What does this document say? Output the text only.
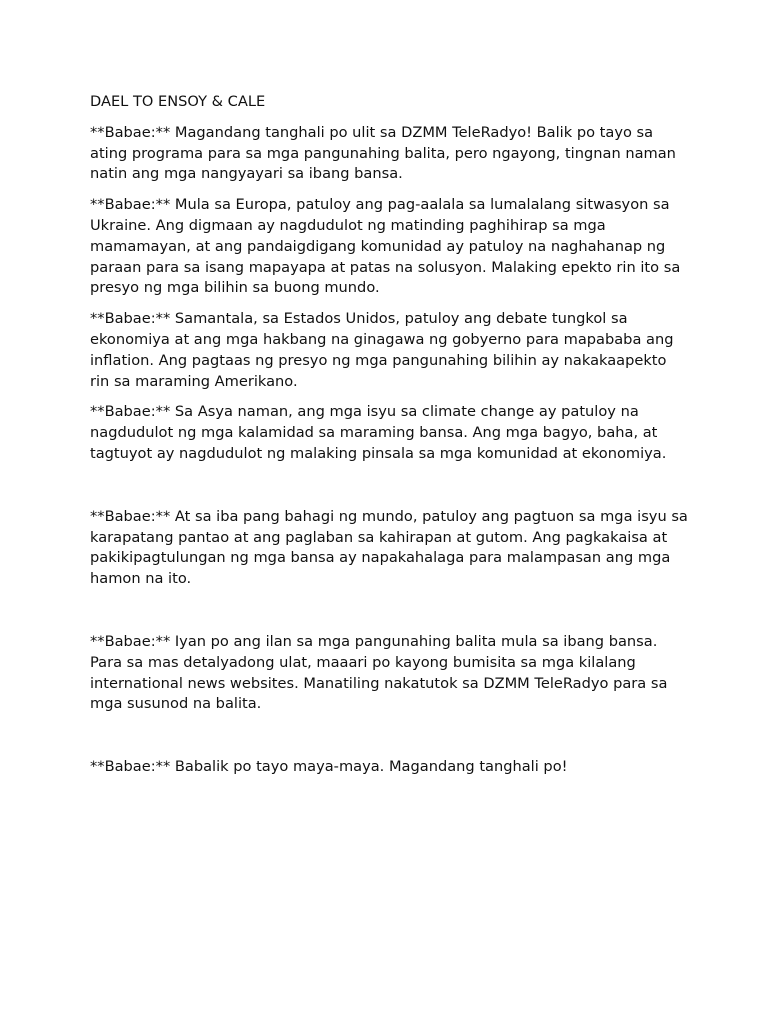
DAEL TO ENSOY & CALE

**Babae:** Magandang tanghali po ulit sa DZMM TeleRadyo! Balik po tayo sa ating programa para sa mga pangunahing balita, pero ngayong, tingnan naman natin ang mga nangyayari sa ibang bansa.

**Babae:** Mula sa Europa, patuloy ang pag-aalala sa lumalalang sitwasyon sa Ukraine. Ang digmaan ay nagdudulot ng matinding paghihirap sa mga mamamayan, at ang pandaigdigang komunidad ay patuloy na naghahanap ng paraan para sa isang mapayapa at patas na solusyon. Malaking epekto rin ito sa presyo ng mga bilihin sa buong mundo.

**Babae:** Samantala, sa Estados Unidos, patuloy ang debate tungkol sa ekonomiya at ang mga hakbang na ginagawa ng gobyerno para mapababa ang inflation. Ang pagtaas ng presyo ng mga pangunahing bilihin ay nakakaapekto rin sa maraming Amerikano.

**Babae:** Sa Asya naman, ang mga isyu sa climate change ay patuloy na nagdudulot ng mga kalamidad sa maraming bansa. Ang mga bagyo, baha, at tagtuyot ay nagdudulot ng malaking pinsala sa mga komunidad at ekonomiya.

**Babae:** At sa iba pang bahagi ng mundo, patuloy ang pagtuon sa mga isyu sa karapatang pantao at ang paglaban sa kahirapan at gutom. Ang pagkakaisa at pakikipagtulungan ng mga bansa ay napakahalaga para malampasan ang mga hamon na ito.

**Babae:** Iyan po ang ilan sa mga pangunahing balita mula sa ibang bansa. Para sa mas detalyadong ulat, maaari po kayong bumisita sa mga kilalang international news websites. Manatiling nakatutok sa DZMM TeleRadyo para sa mga susunod na balita.

**Babae:** Babalik po tayo maya-maya. Magandang tanghali po!
